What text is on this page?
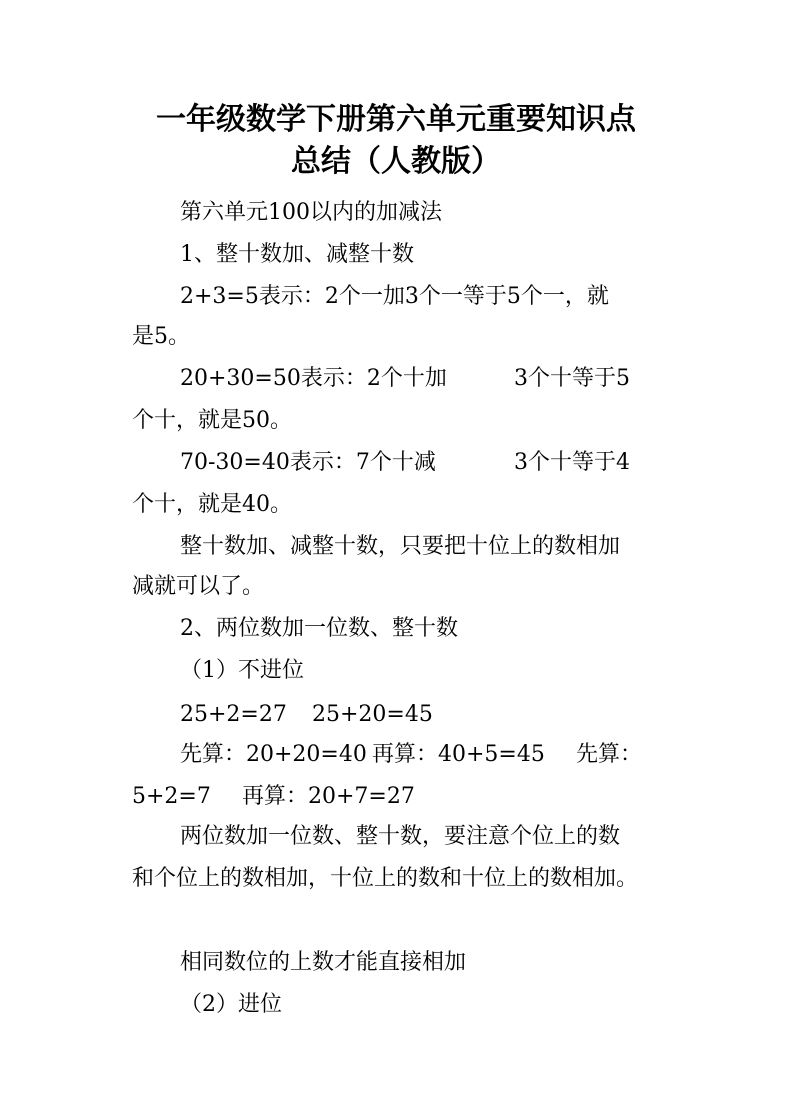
一年级数学下册第六单元重要知识点
总结（人教版）
第六单元100以内的加减法
1、整十数加、减整十数
2+3=5表示：2个一加3个一等于5个一，就
是5。
20+30=50表示：2个十加	3个十等于5
个十，就是50。
70-30=40表示：7个十减	3个十等于4
个十，就是40。
整十数加、减整十数，只要把十位上的数相加
减就可以了。
2、两位数加一位数、整十数
（1）不进位
25+2=27 25+20=45
先算：20+20=40 再算：40+5=45 先算：
5+2=7 再算：20+7=27
两位数加一位数、整十数，要注意个位上的数
和个位上的数相加，十位上的数和十位上的数相加。
相同数位的上数才能直接相加
（2）进位
